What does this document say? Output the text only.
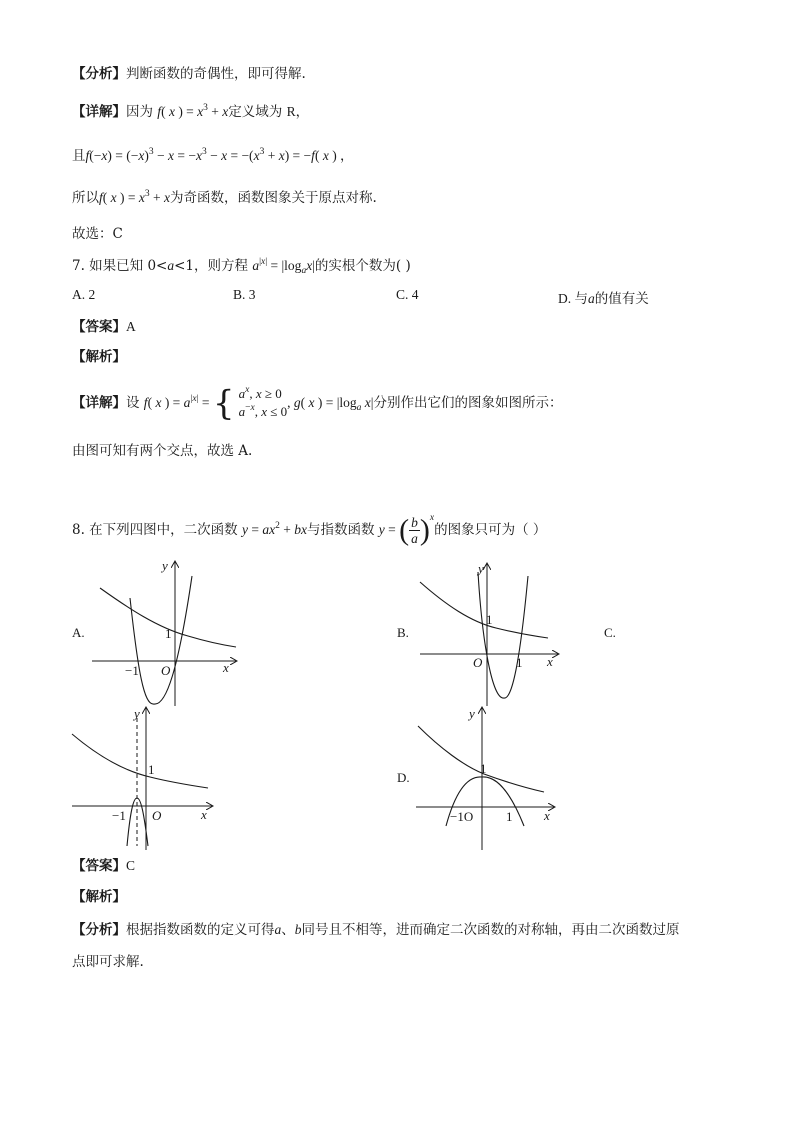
【分析】判断函数的奇偶性，即可得解.
【详解】因为 f( x ) = $x^3 + x$定义域为 R，
且$f(-x) = (-x)^3 - x = -x^3 - x = -(x^3 + x) = -f$( x ) ，
所以f( x ) = $x^3 + x$为奇函数，函数图象关于原点对称.
故选：C
7. 如果已知 0<a<1，则方程 $a^{|x|} = |\log_ax|$的实根个数为( )
A. 2	B. 3	C. 4	D. 与a的值有关
【答案】A
【解析】
【详解】设 f( x ) = $a^{|x|}$ = { $a^x$, x ≥ 0
$a^{-x}$, x ≤ 0
, g( x ) = $|\log_a$ x|分别作出它们的图象如图所示：
由图可知有两个交点，故选 A.
8. 在下列四图中，二次函数 $y = ax^2$ + bx与指数函数 y = ( $\frac{b}{a} )^x$的图象只可为（ ）
A.	B.	C.
D.
y
x
O
−1
1
y
x
O	1
1
y
x
O
−1
1
y
x
−1O	1
1
【答案】C
【解析】
【分析】根据指数函数的定义可得a、b同号且不相等，进而确定二次函数的对称轴，再由二次函数过原
点即可求解.
